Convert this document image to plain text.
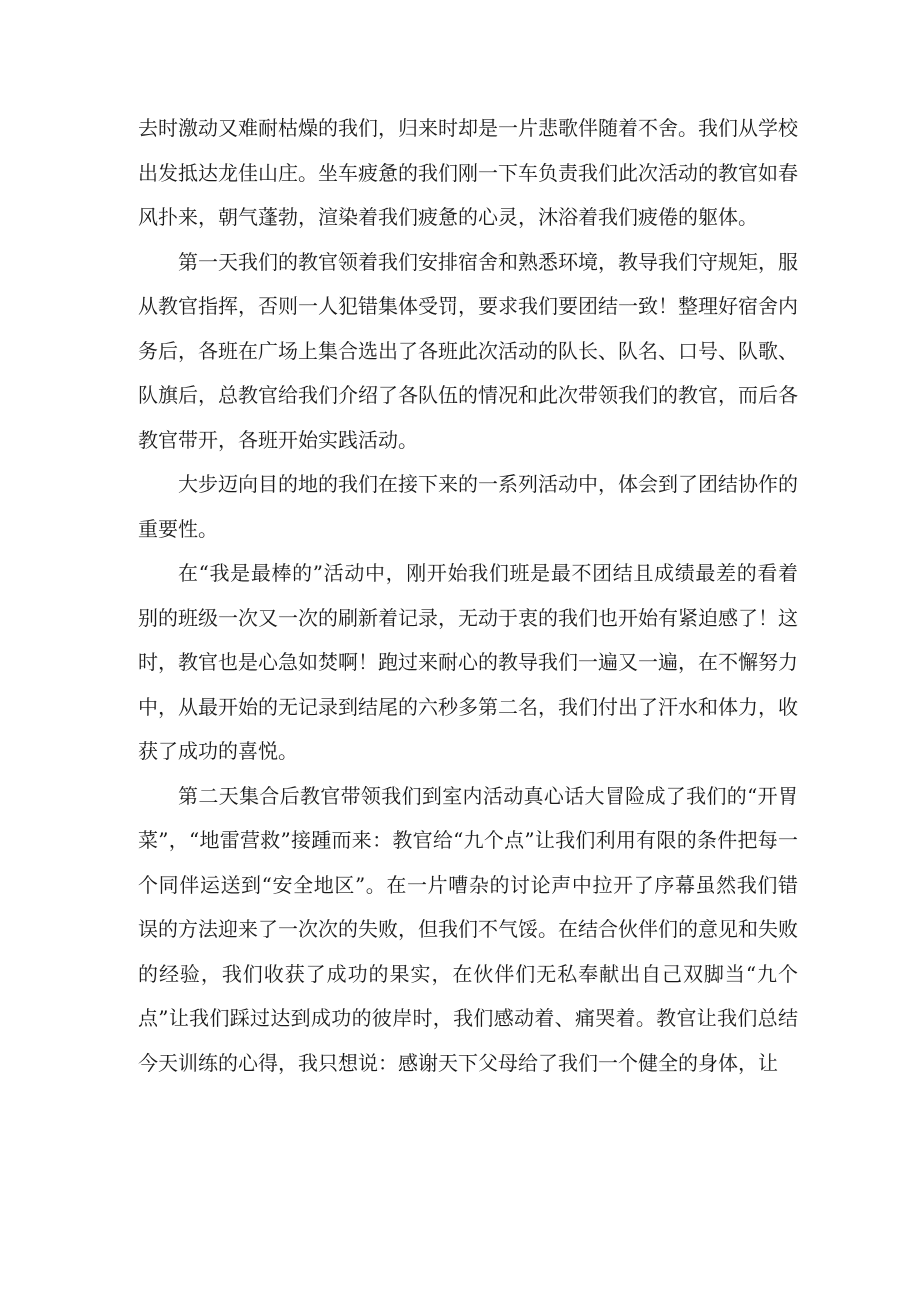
去时激动又难耐枯燥的我们，归来时却是一片悲歌伴随着不舍。我们从学校出发抵达龙佳山庄。坐车疲惫的我们刚一下车负责我们此次活动的教官如春风扑来，朝气蓬勃，渲染着我们疲惫的心灵，沐浴着我们疲倦的躯体。

第一天我们的教官领着我们安排宿舍和熟悉环境，教导我们守规矩，服从教官指挥，否则一人犯错集体受罚，要求我们要团结一致！整理好宿舍内务后，各班在广场上集合选出了各班此次活动的队长、队名、口号、队歌、队旗后，总教官给我们介绍了各队伍的情况和此次带领我们的教官，而后各教官带开，各班开始实践活动。

大步迈向目的地的我们在接下来的一系列活动中，体会到了团结协作的重要性。

在“我是最棒的”活动中，刚开始我们班是最不团结且成绩最差的看着别的班级一次又一次的刷新着记录，无动于衷的我们也开始有紧迫感了！这时，教官也是心急如焚啊！跑过来耐心的教导我们一遍又一遍，在不懈努力中，从最开始的无记录到结尾的六秒多第二名，我们付出了汗水和体力，收获了成功的喜悦。

第二天集合后教官带领我们到室内活动真心话大冒险成了我们的“开胃菜”，“地雷营救”接踵而来：教官给“九个点”让我们利用有限的条件把每一个同伴运送到“安全地区”。在一片嘈杂的讨论声中拉开了序幕虽然我们错误的方法迎来了一次次的失败，但我们不气馁。在结合伙伴们的意见和失败的经验，我们收获了成功的果实，在伙伴们无私奉献出自己双脚当“九个点”让我们踩过达到成功的彼岸时，我们感动着、痛哭着。教官让我们总结今天训练的心得，我只想说：感谢天下父母给了我们一个健全的身体，让
